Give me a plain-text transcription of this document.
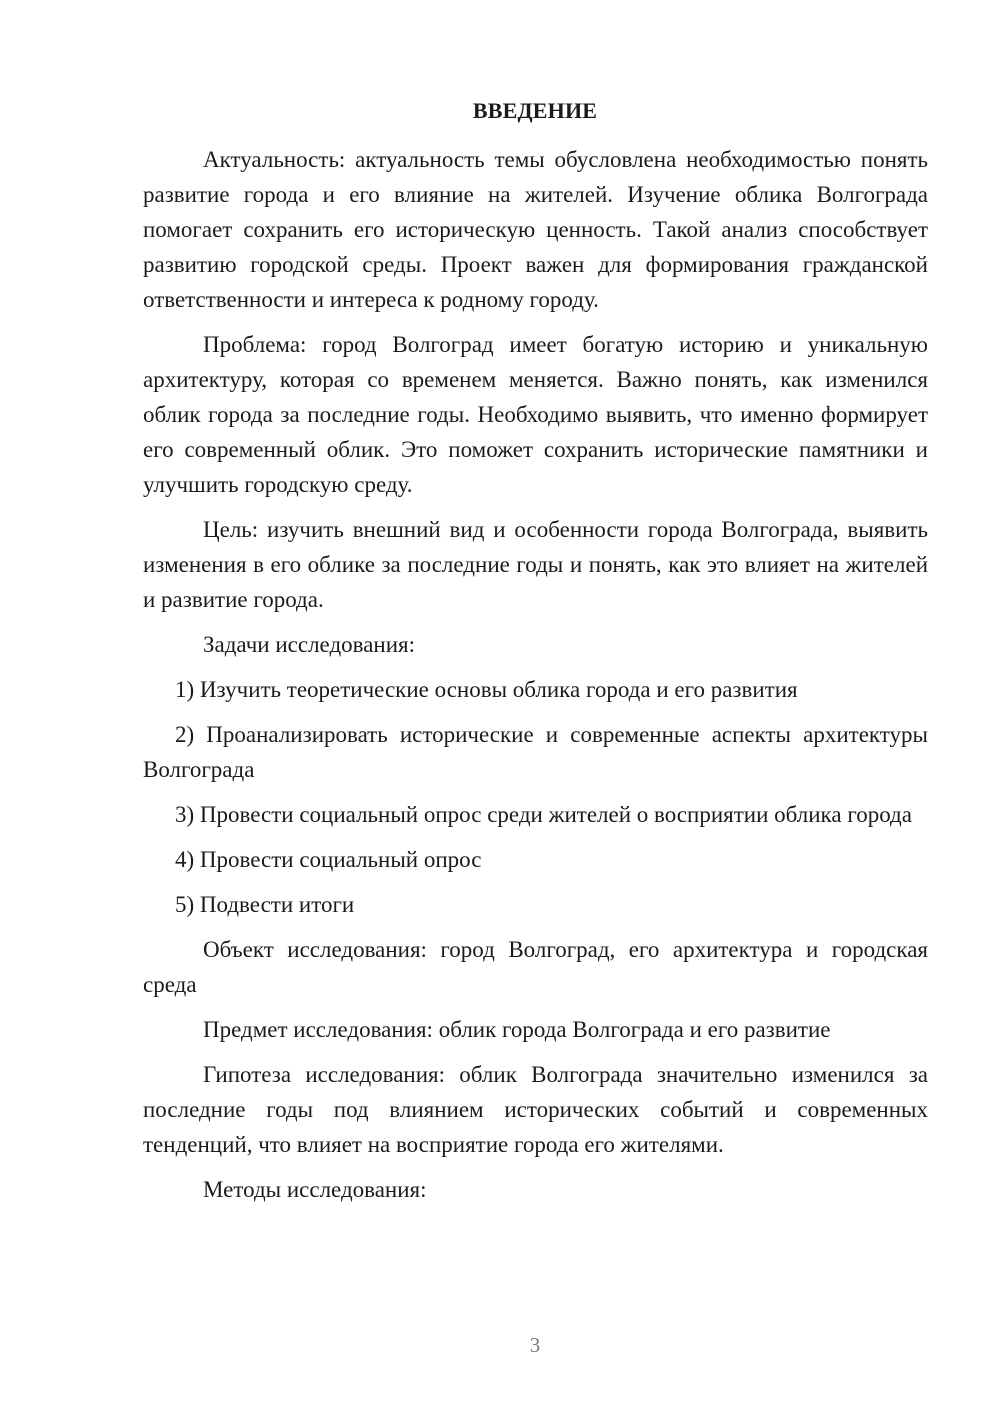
ВВЕДЕНИЕ

Актуальность: актуальность темы обусловлена необходимостью понять развитие города и его влияние на жителей. Изучение облика Волгограда помогает сохранить его историческую ценность. Такой анализ способствует развитию городской среды. Проект важен для формирования гражданской ответственности и интереса к родному городу.

Проблема: город Волгоград имеет богатую историю и уникальную архитектуру, которая со временем меняется. Важно понять, как изменился облик города за последние годы. Необходимо выявить, что именно формирует его современный облик. Это поможет сохранить исторические памятники и улучшить городскую среду.

Цель: изучить внешний вид и особенности города Волгограда, выявить изменения в его облике за последние годы и понять, как это влияет на жителей и развитие города.

Задачи исследования:

1) Изучить теоретические основы облика города и его развития

2) Проанализировать исторические и современные аспекты архитектуры Волгограда

3) Провести социальный опрос среди жителей о восприятии облика города

4) Провести социальный опрос

5) Подвести итоги

Объект исследования: город Волгоград, его архитектура и городская среда

Предмет исследования: облик города Волгограда и его развитие

Гипотеза исследования: облик Волгограда значительно изменился за последние годы под влиянием исторических событий и современных тенденций, что влияет на восприятие города его жителями.

Методы исследования:

3
